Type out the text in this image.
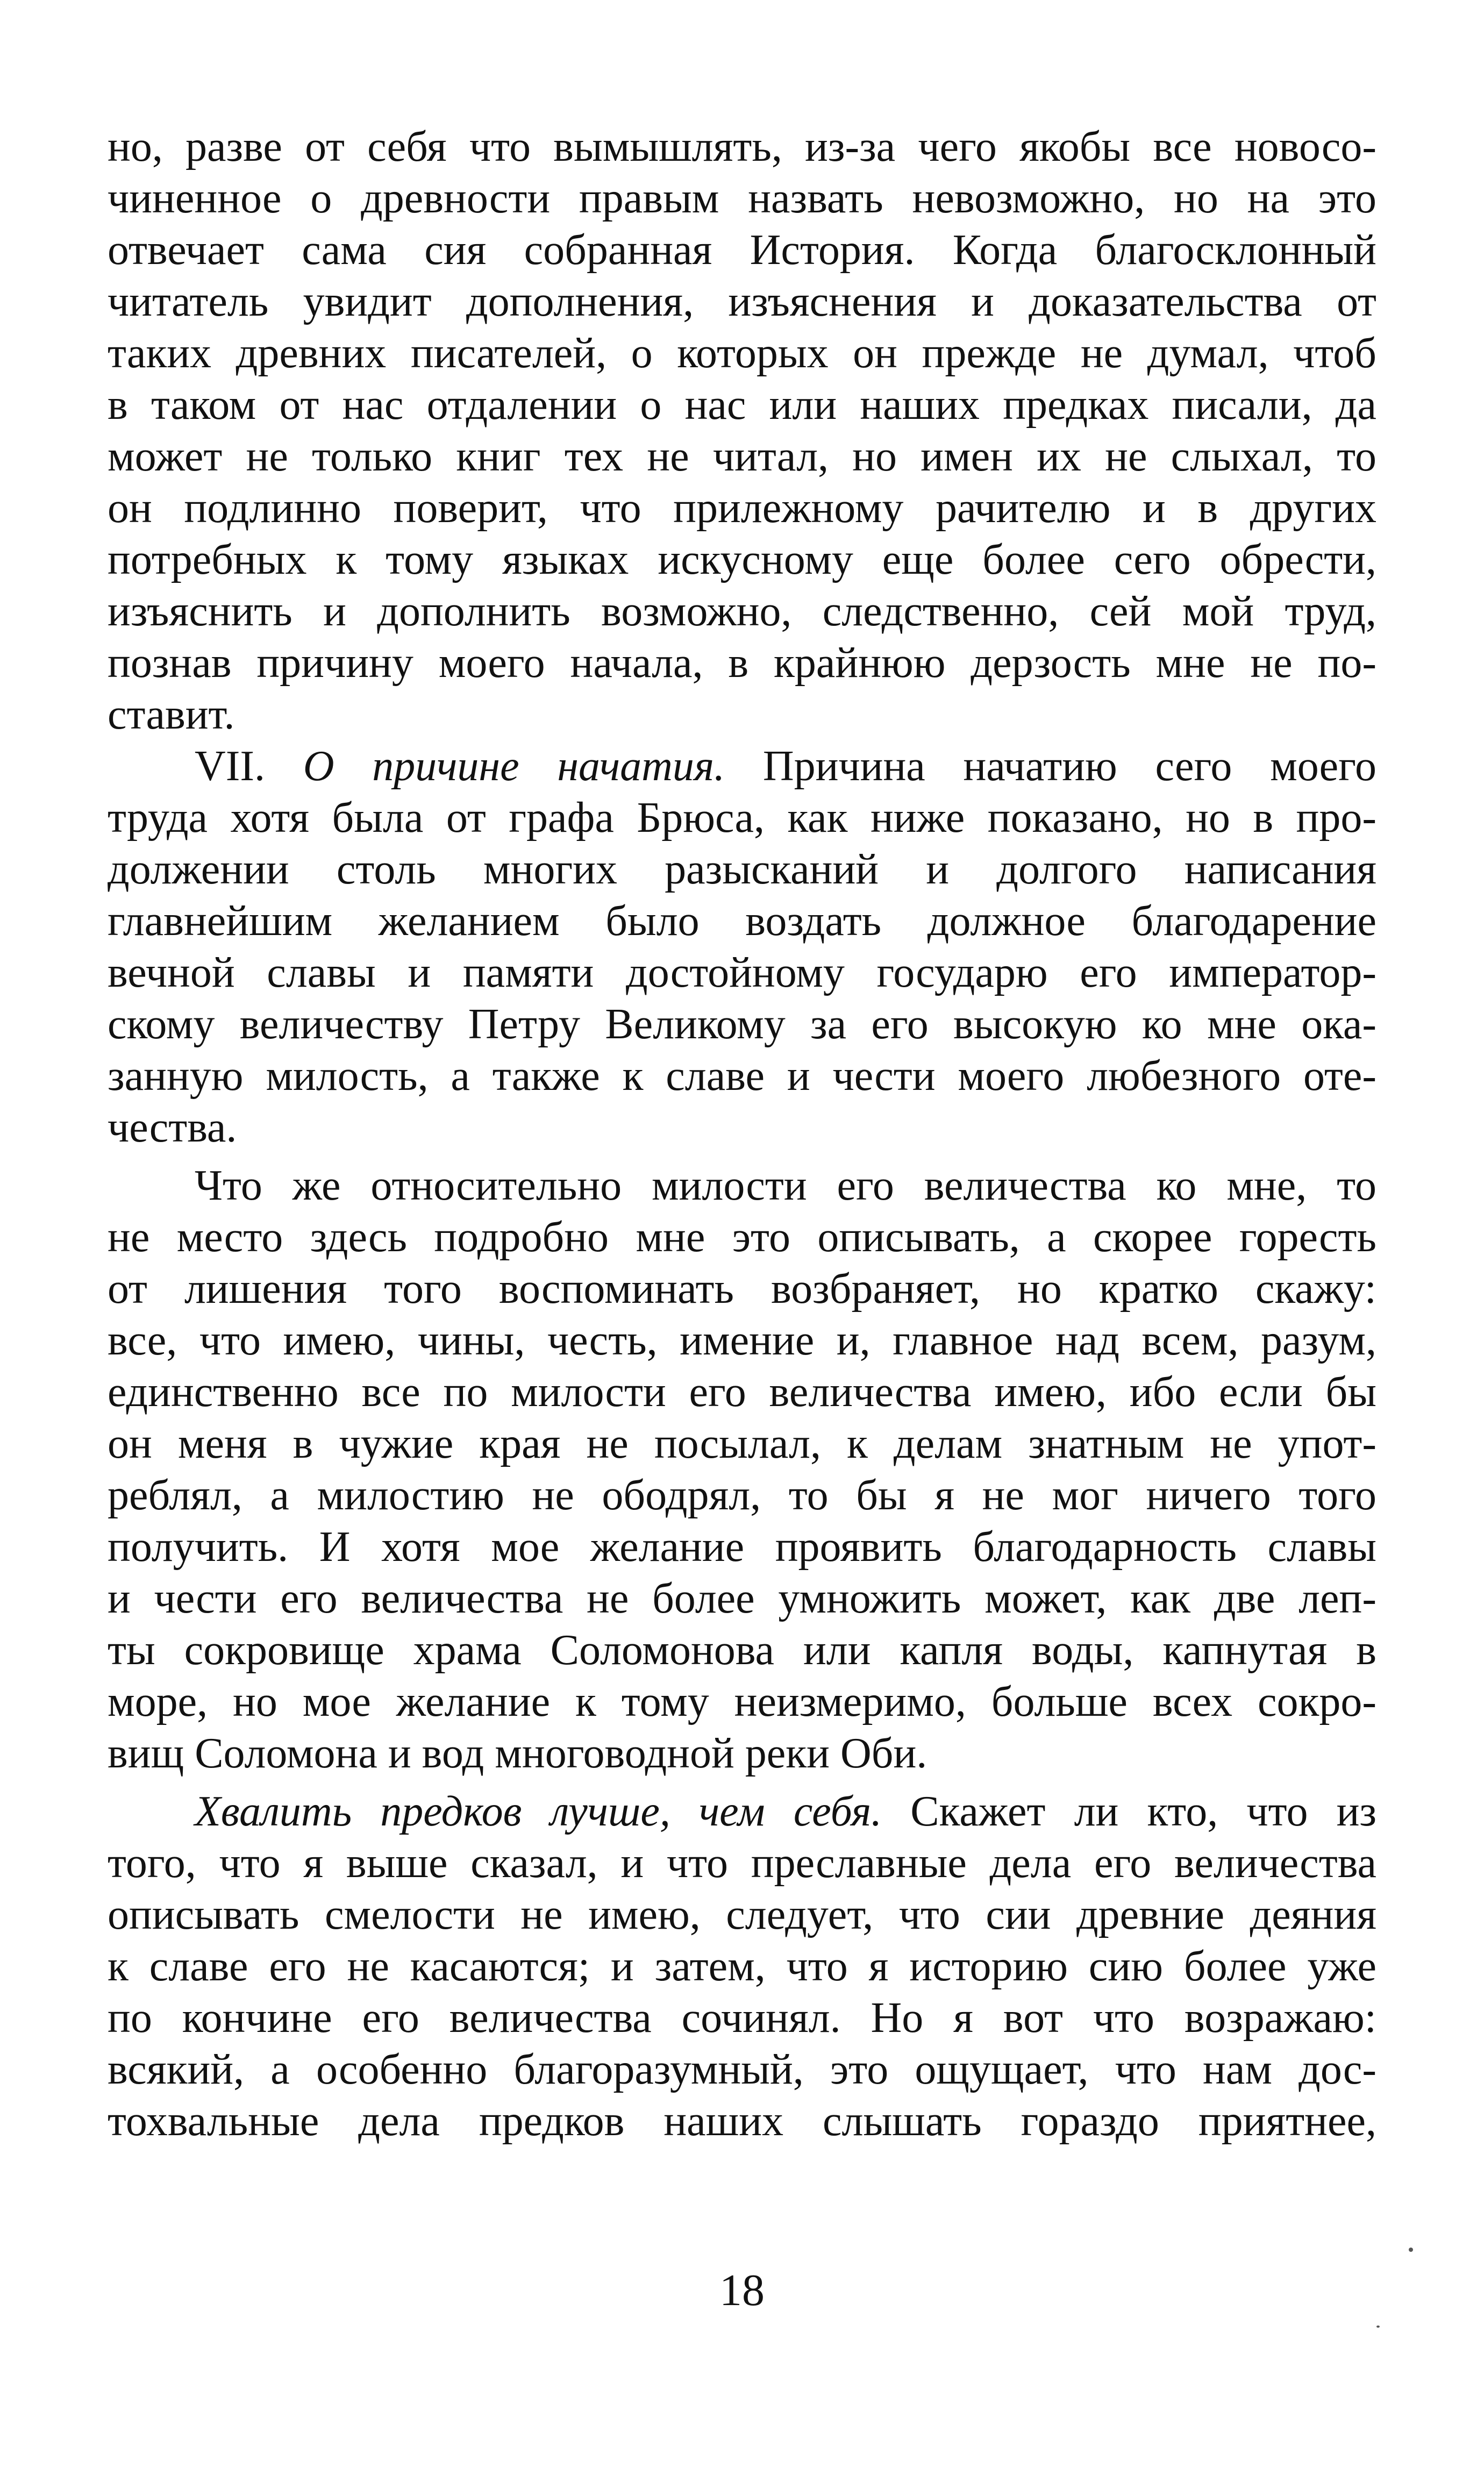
но, разве от себя что вымышлять, из-за чего якобы все новосо-
чиненное о древности правым назвать невозможно, но на это
отвечает сама сия собранная История. Когда благосклонный
читатель увидит дополнения, изъяснения и доказательства от
таких древних писателей, о которых он прежде не думал, чтоб
в таком от нас отдалении о нас или наших предках писали, да
может не только книг тех не читал, но имен их не слыхал, то
он подлинно поверит, что прилежному рачителю и в других
потребных к тому языках искусному еще более сего обрести,
изъяснить и дополнить возможно, следственно, сей мой труд,
познав причину моего начала, в крайнюю дерзость мне не по-
ставит.
VII. О причине начатия. Причина начатию сего моего
труда хотя была от графа Брюса, как ниже показано, но в про-
должении столь многих разысканий и долгого написания
главнейшим желанием было воздать должное благодарение
вечной славы и памяти достойному государю его император-
скому величеству Петру Великому за его высокую ко мне ока-
занную милость, а также к славе и чести моего любезного оте-
чества.
Что же относительно милости его величества ко мне, то
не место здесь подробно мне это описывать, а скорее горесть
от лишения того воспоминать возбраняет, но кратко скажу:
все, что имею, чины, честь, имение и, главное над всем, разум,
единственно все по милости его величества имею, ибо если бы
он меня в чужие края не посылал, к делам знатным не упот-
реблял, а милостию не ободрял, то бы я не мог ничего того
получить. И хотя мое желание проявить благодарность славы
и чести его величества не более умножить может, как две леп-
ты сокровище храма Соломонова или капля воды, капнутая в
море, но мое желание к тому неизмеримо, больше всех сокро-
вищ Соломона и вод многоводной реки Оби.
Хвалить предков лучше, чем себя. Скажет ли кто, что из
того, что я выше сказал, и что преславные дела его величества
описывать смелости не имею, следует, что сии древние деяния
к славе его не касаются; и затем, что я историю сию более уже
по кончине его величества сочинял. Но я вот что возражаю:
всякий, а особенно благоразумный, это ощущает, что нам дос-
тохвальные дела предков наших слышать гораздо приятнее,
18
